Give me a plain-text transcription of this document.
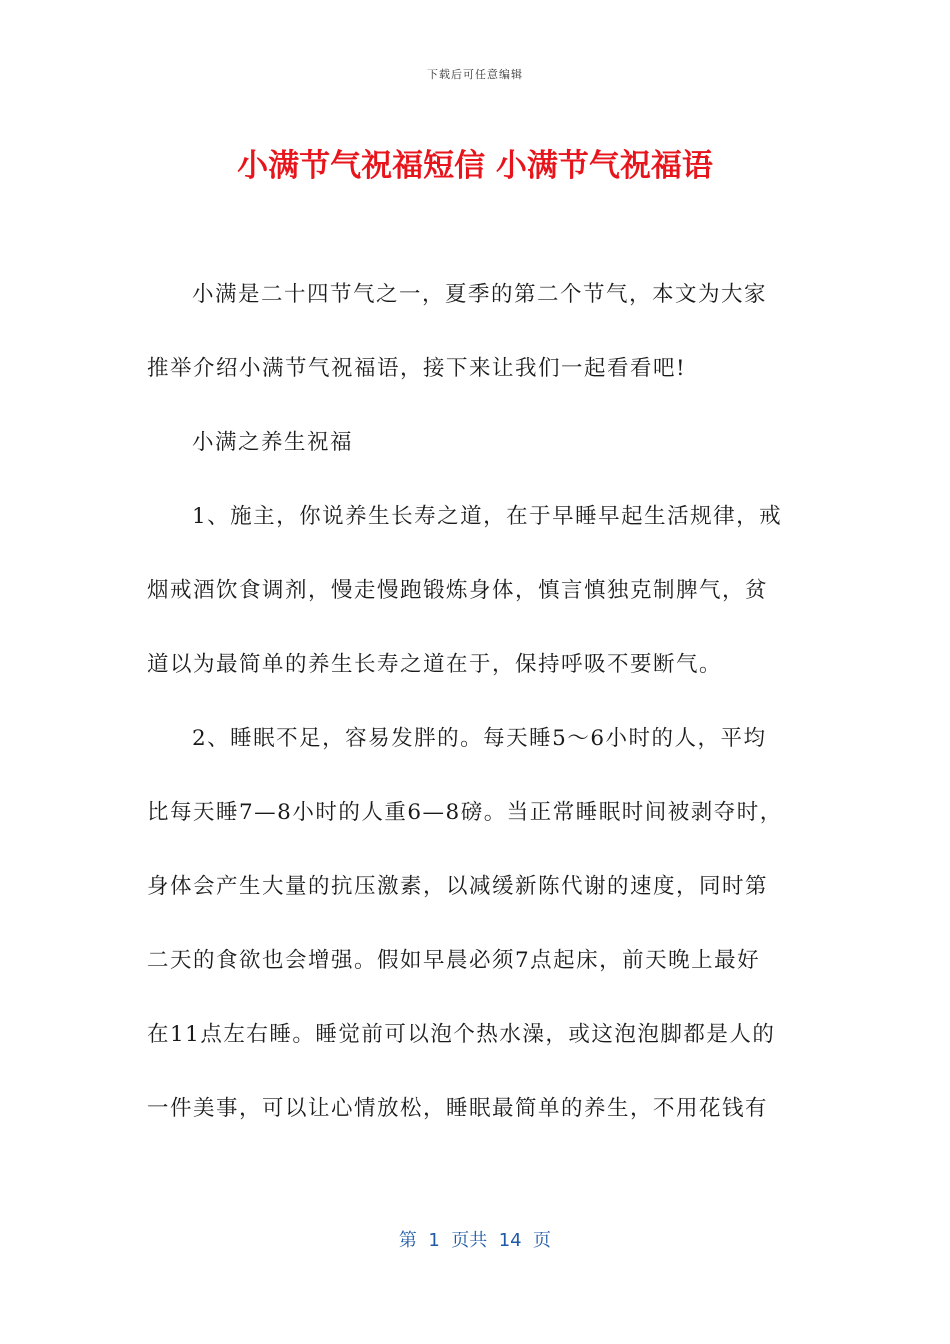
下载后可任意编辑
小满节气祝福短信 小满节气祝福语
小满是二十四节气之一，夏季的第二个节气，本文为大家
推举介绍小满节气祝福语，接下来让我们一起看看吧!
小满之养生祝福
1、施主，你说养生长寿之道，在于早睡早起生活规律，戒
烟戒酒饮食调剂，慢走慢跑锻炼身体，慎言慎独克制脾气，贫
道以为最简单的养生长寿之道在于，保持呼吸不要断气。
2、睡眠不足，容易发胖的。每天睡5～6小时的人，平均
比每天睡7—8小时的人重6—8磅。当正常睡眠时间被剥夺时，
身体会产生大量的抗压激素，以减缓新陈代谢的速度，同时第
二天的食欲也会增强。假如早晨必须7点起床，前天晚上最好
在11点左右睡。睡觉前可以泡个热水澡，或这泡泡脚都是人的
一件美事，可以让心情放松，睡眠最简单的养生，不用花钱有
第  1  页共  14  页
